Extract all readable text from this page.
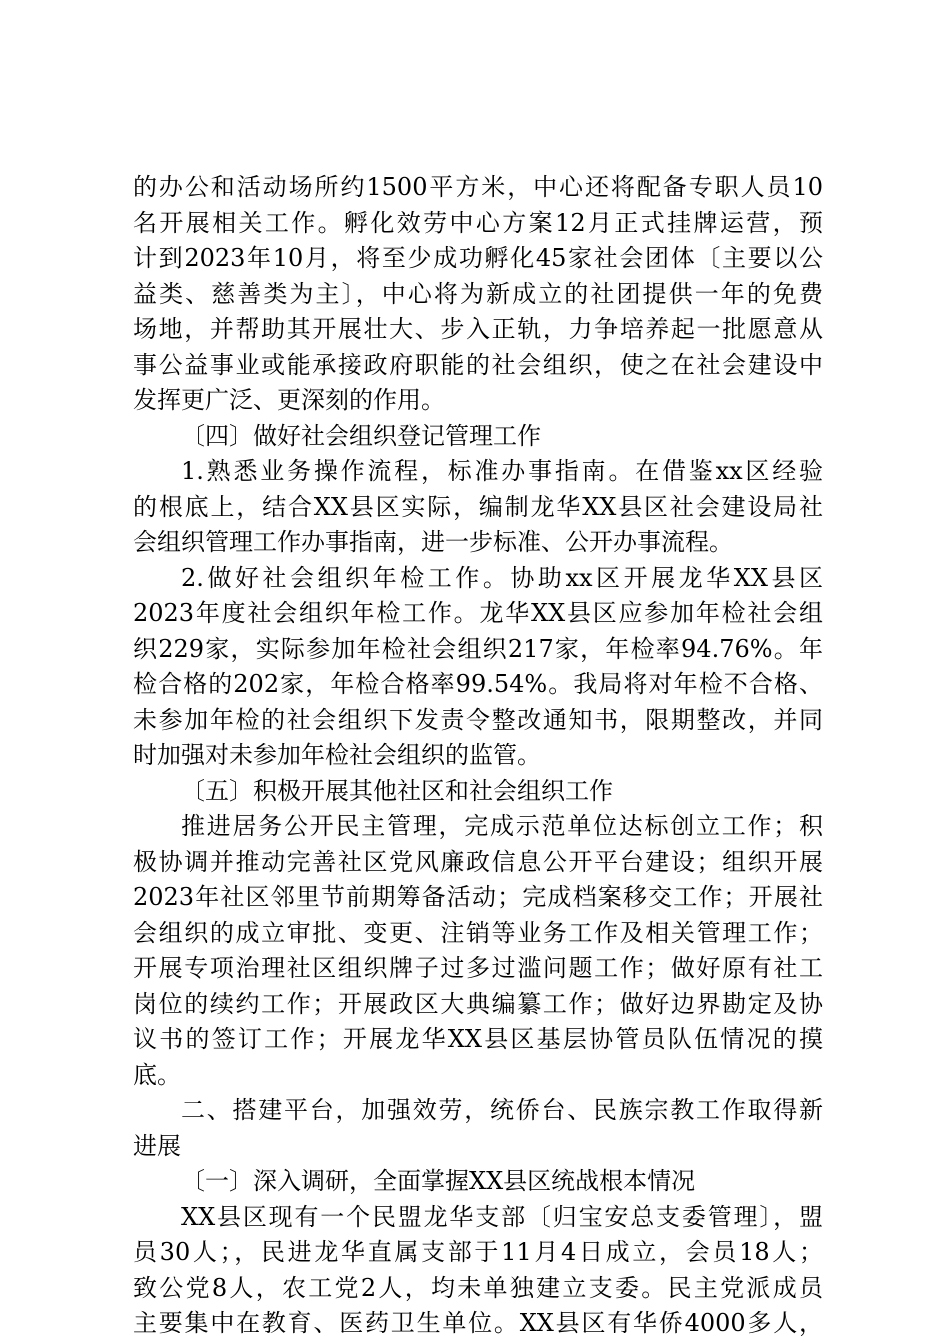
的办公和活动场所约1500平方米，中心还将配备专职人员10
名开展相关工作。孵化效劳中心方案12月正式挂牌运营，预
计到2023年10月，将至少成功孵化45家社会团体〔主要以公
益类、慈善类为主〕，中心将为新成立的社团提供一年的免费
场地，并帮助其开展壮大、步入正轨，力争培养起一批愿意从
事公益事业或能承接政府职能的社会组织，使之在社会建设中
发挥更广泛、更深刻的作用。
〔四〕做好社会组织登记管理工作
1.熟悉业务操作流程，标准办事指南。在借鉴xx区经验
的根底上，结合XX县区实际，编制龙华XX县区社会建设局社
会组织管理工作办事指南，进一步标准、公开办事流程。
2.做好社会组织年检工作。协助xx区开展龙华XX县区
2023年度社会组织年检工作。龙华XX县区应参加年检社会组
织229家，实际参加年检社会组织217家，年检率94.76%。年
检合格的202家，年检合格率99.54%。我局将对年检不合格、
未参加年检的社会组织下发责令整改通知书，限期整改，并同
时加强对未参加年检社会组织的监管。
〔五〕积极开展其他社区和社会组织工作
推进居务公开民主管理，完成示范单位达标创立工作；积
极协调并推动完善社区党风廉政信息公开平台建设；组织开展
2023年社区邻里节前期筹备活动；完成档案移交工作；开展社
会组织的成立审批、变更、注销等业务工作及相关管理工作；
开展专项治理社区组织牌子过多过滥问题工作；做好原有社工
岗位的续约工作；开展政区大典编纂工作；做好边界勘定及协
议书的签订工作；开展龙华XX县区基层协管员队伍情况的摸
底。
二、搭建平台，加强效劳，统侨台、民族宗教工作取得新
进展
〔一〕深入调研，全面掌握XX县区统战根本情况
XX县区现有一个民盟龙华支部〔归宝安总支委管理〕，盟
员30人；，民进龙华直属支部于11月4日成立，会员18人；
致公党8人，农工党2人，均未单独建立支委。民主党派成员
主要集中在教育、医药卫生单位。XX县区有华侨4000多人，
